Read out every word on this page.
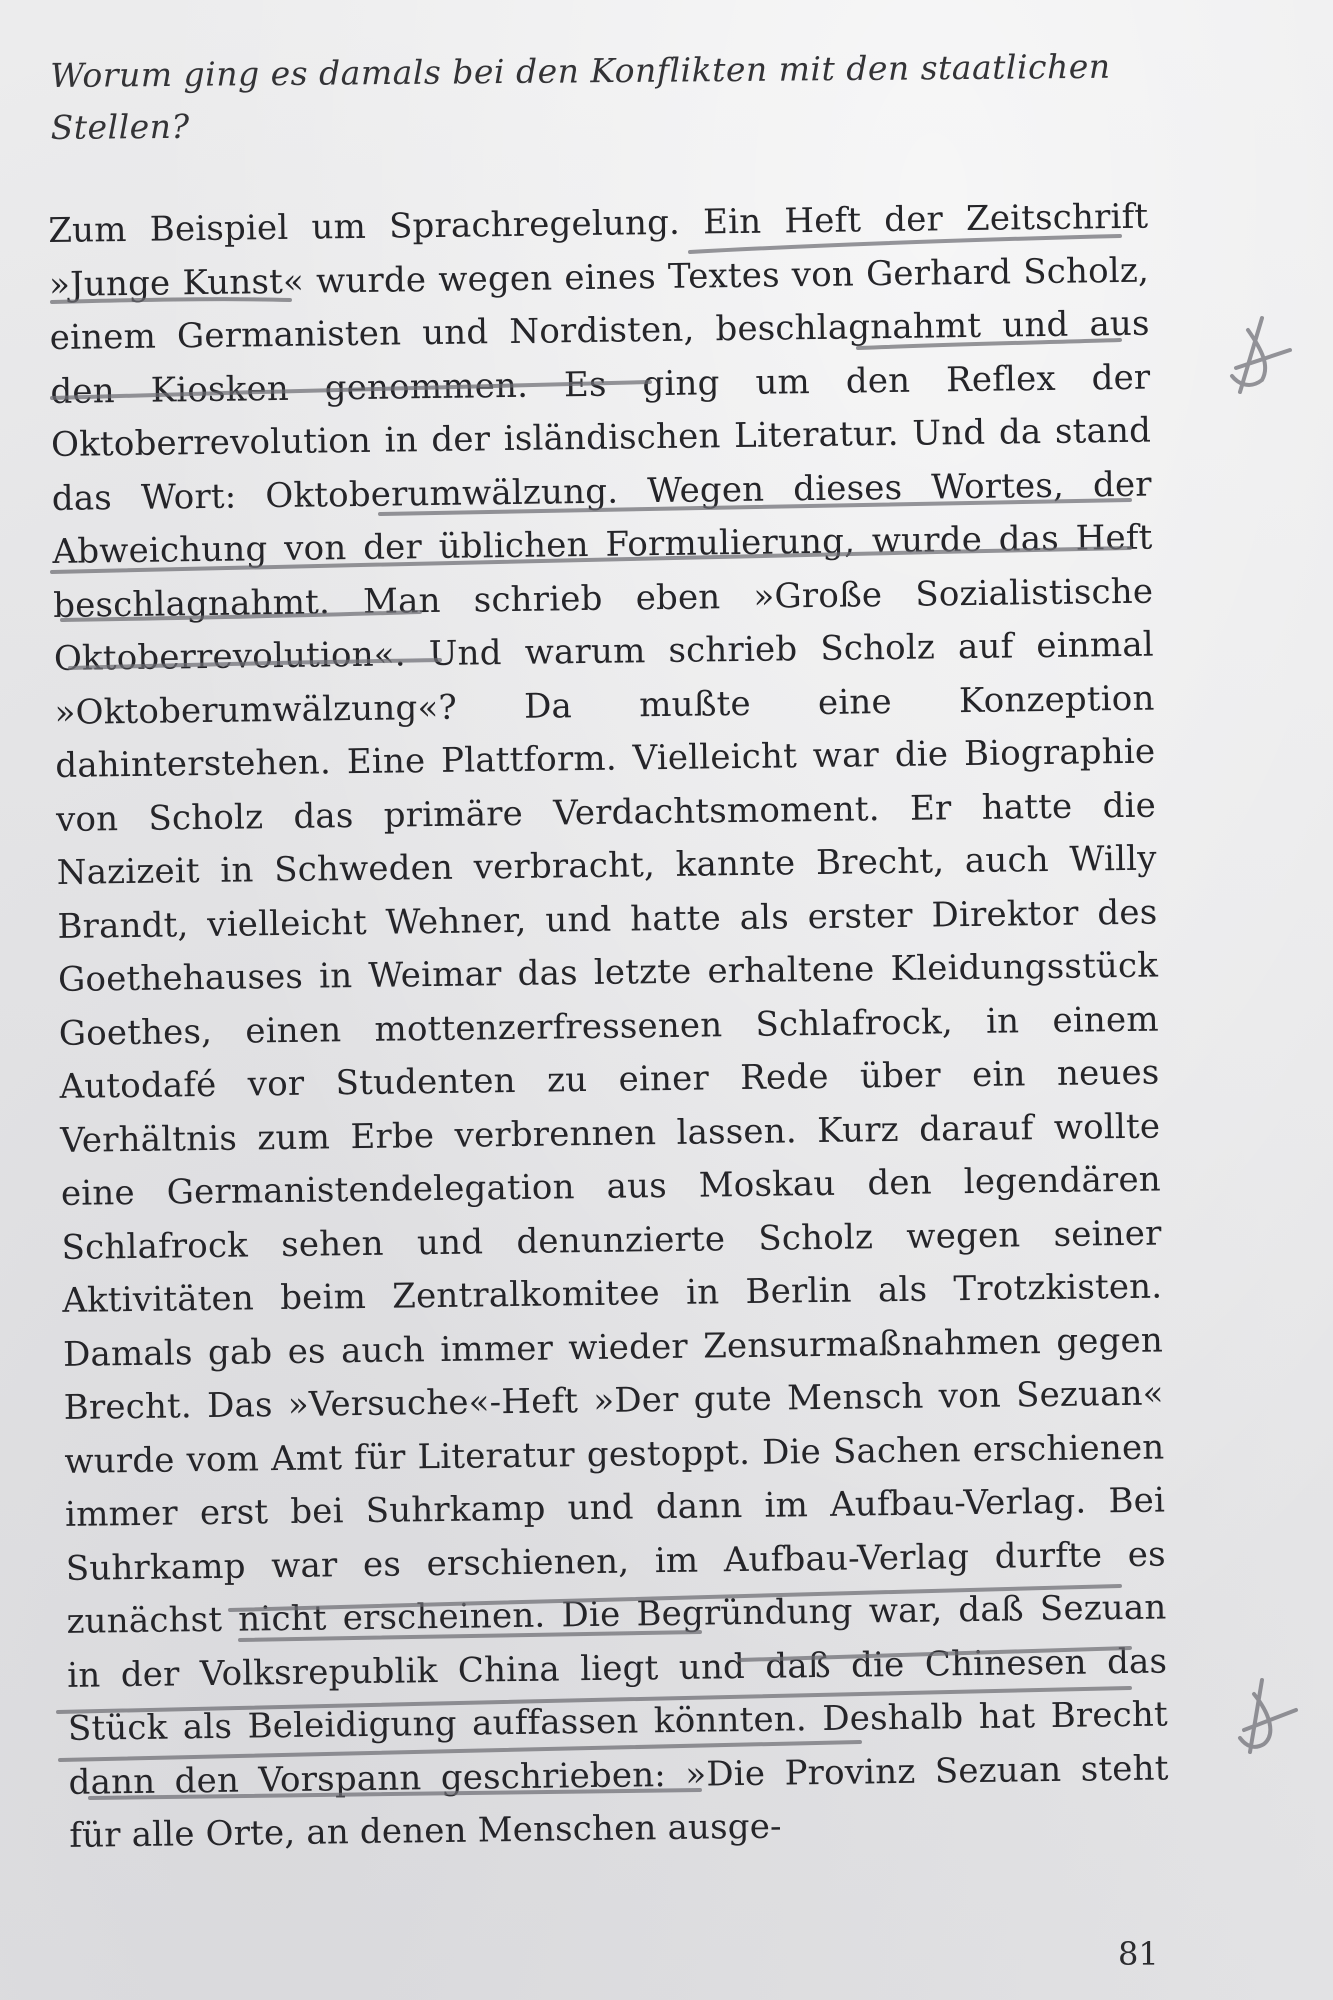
Worum ging es damals bei den Konflikten mit den staatlichen Stellen?
Zum Beispiel um Sprachregelung. Ein Heft der Zeitschrift »Junge Kunst« wurde wegen eines Textes von Gerhard Scholz, einem Germanisten und Nordisten, beschlagnahmt und aus den Kiosken genommen. Es ging um den Reflex der Oktoberrevolution in der isländischen Literatur. Und da stand das Wort: Oktoberumwälzung. Wegen dieses Wortes, der Abweichung von der üblichen Formulierung, wurde das Heft beschlagnahmt. Man schrieb eben »Große Sozialistische Oktoberrevolution«. Und warum schrieb Scholz auf einmal »Oktoberumwälzung«? Da mußte eine Konzeption dahinterstehen. Eine Plattform. Vielleicht war die Biographie von Scholz das primäre Verdachtsmoment. Er hatte die Nazizeit in Schweden verbracht, kannte Brecht, auch Willy Brandt, vielleicht Wehner, und hatte als erster Direktor des Goethehauses in Weimar das letzte erhaltene Kleidungsstück Goethes, einen mottenzerfressenen Schlafrock, in einem Autodafé vor Studenten zu einer Rede über ein neues Verhältnis zum Erbe verbrennen lassen. Kurz darauf wollte eine Germanistendelegation aus Moskau den legendären Schlafrock sehen und denunzierte Scholz wegen seiner Aktivitäten beim Zentralkomitee in Berlin als Trotzkisten. Damals gab es auch immer wieder Zensurmaßnahmen gegen Brecht. Das »Versuche«-Heft »Der gute Mensch von Sezuan« wurde vom Amt für Literatur gestoppt. Die Sachen erschienen immer erst bei Suhrkamp und dann im Aufbau-Verlag. Bei Suhrkamp war es erschienen, im Aufbau-Verlag durfte es zunächst nicht erscheinen. Die Begründung war, daß Sezuan in der Volksrepublik China liegt und daß die Chinesen das Stück als Beleidigung auffassen könnten. Deshalb hat Brecht dann den Vorspann geschrieben: »Die Provinz Sezuan steht für alle Orte, an denen Menschen ausge-
81
